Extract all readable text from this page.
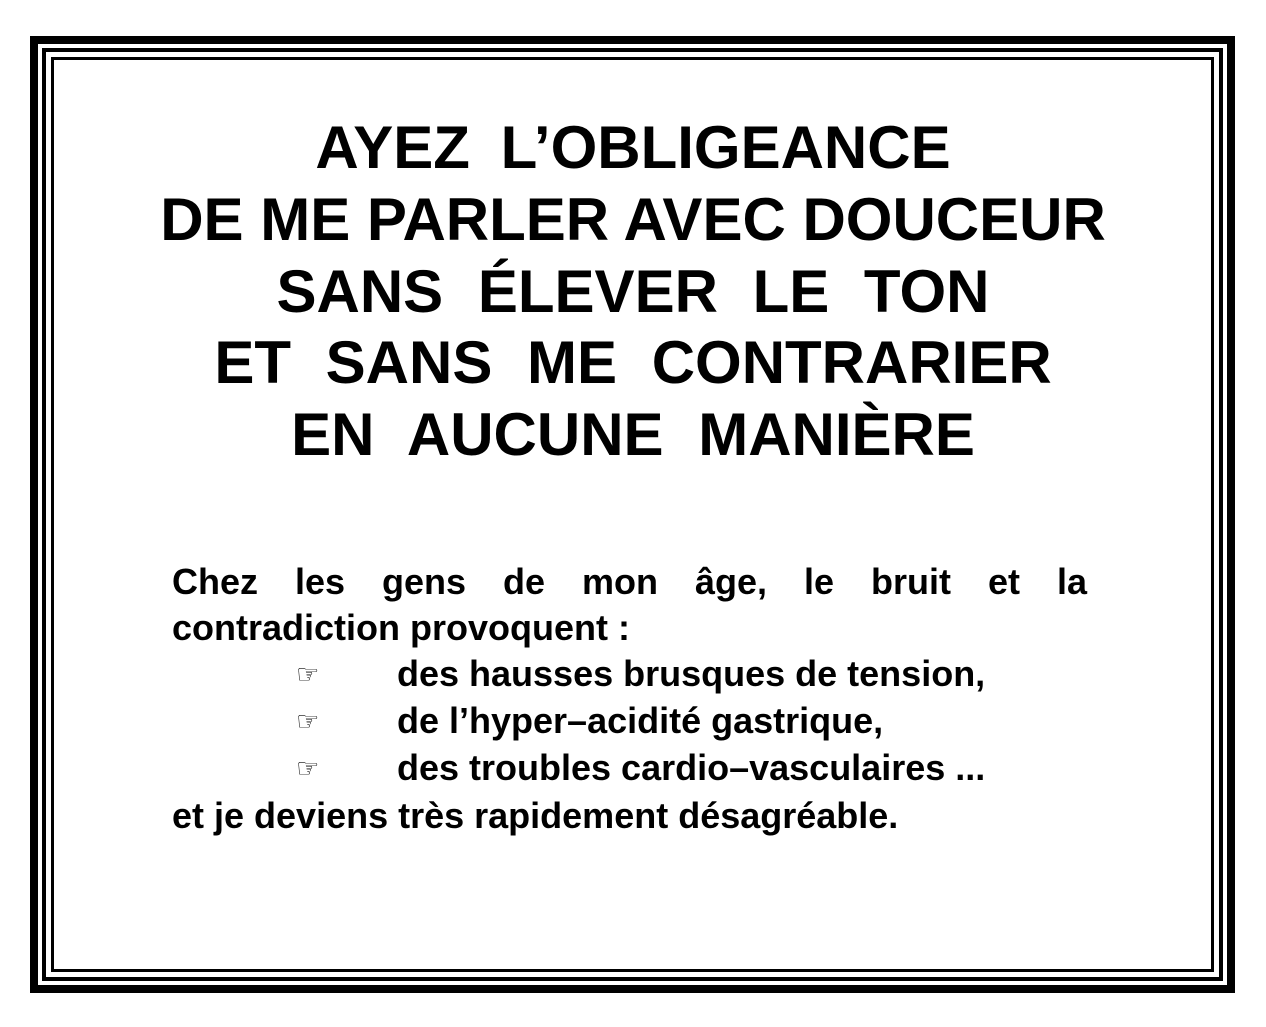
AYEZ L’OBLIGEANCE
DE ME PARLER AVEC DOUCEUR
SANS ÉLEVER LE TON
ET SANS ME CONTRARIER
EN AUCUNE MANIÈRE
Chez les gens de mon âge, le bruit et la
contradiction provoquent :
☞ des hausses brusques de tension,
☞ de l’hyper–acidité gastrique,
☞ des troubles cardio–vasculaires ...
et je deviens très rapidement désagréable.
